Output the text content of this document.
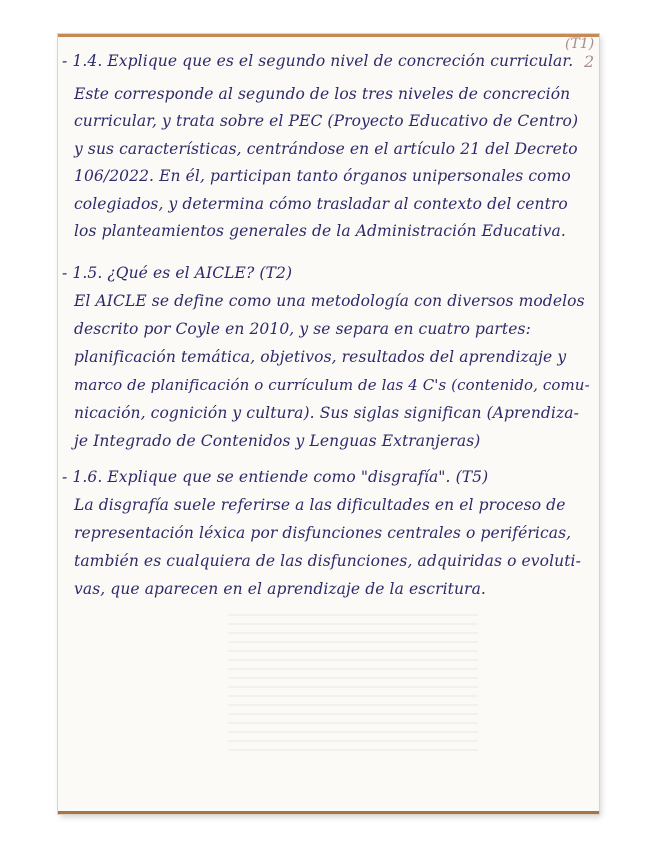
(T1)
- 1.4. Explique que es el segundo nivel de concreción curricular. 2
Este corresponde al segundo de los tres niveles de concreción
curricular, y trata sobre el PEC (Proyecto Educativo de Centro)
y sus características, centrándose en el artículo 21 del Decreto
106/2022. En él, participan tanto órganos unipersonales como
colegiados, y determina cómo trasladar al contexto del centro
los planteamientos generales de la Administración Educativa.
- 1.5. ¿Qué es el AICLE? (T2)
El AICLE se define como una metodología con diversos modelos
descrito por Coyle en 2010, y se separa en cuatro partes:
planificación temática, objetivos, resultados del aprendizaje y
marco de planificación o currículum de las 4 C's (contenido, comu-
nicación, cognición y cultura). Sus siglas significan (Aprendiza-
je Integrado de Contenidos y Lenguas Extranjeras)
- 1.6. Explique que se entiende como "disgrafía". (T5)
La disgrafía suele referirse a las dificultades en el proceso de
representación léxica por disfunciones centrales o periféricas,
también es cualquiera de las disfunciones, adquiridas o evoluti-
vas, que aparecen en el aprendizaje de la escritura.
